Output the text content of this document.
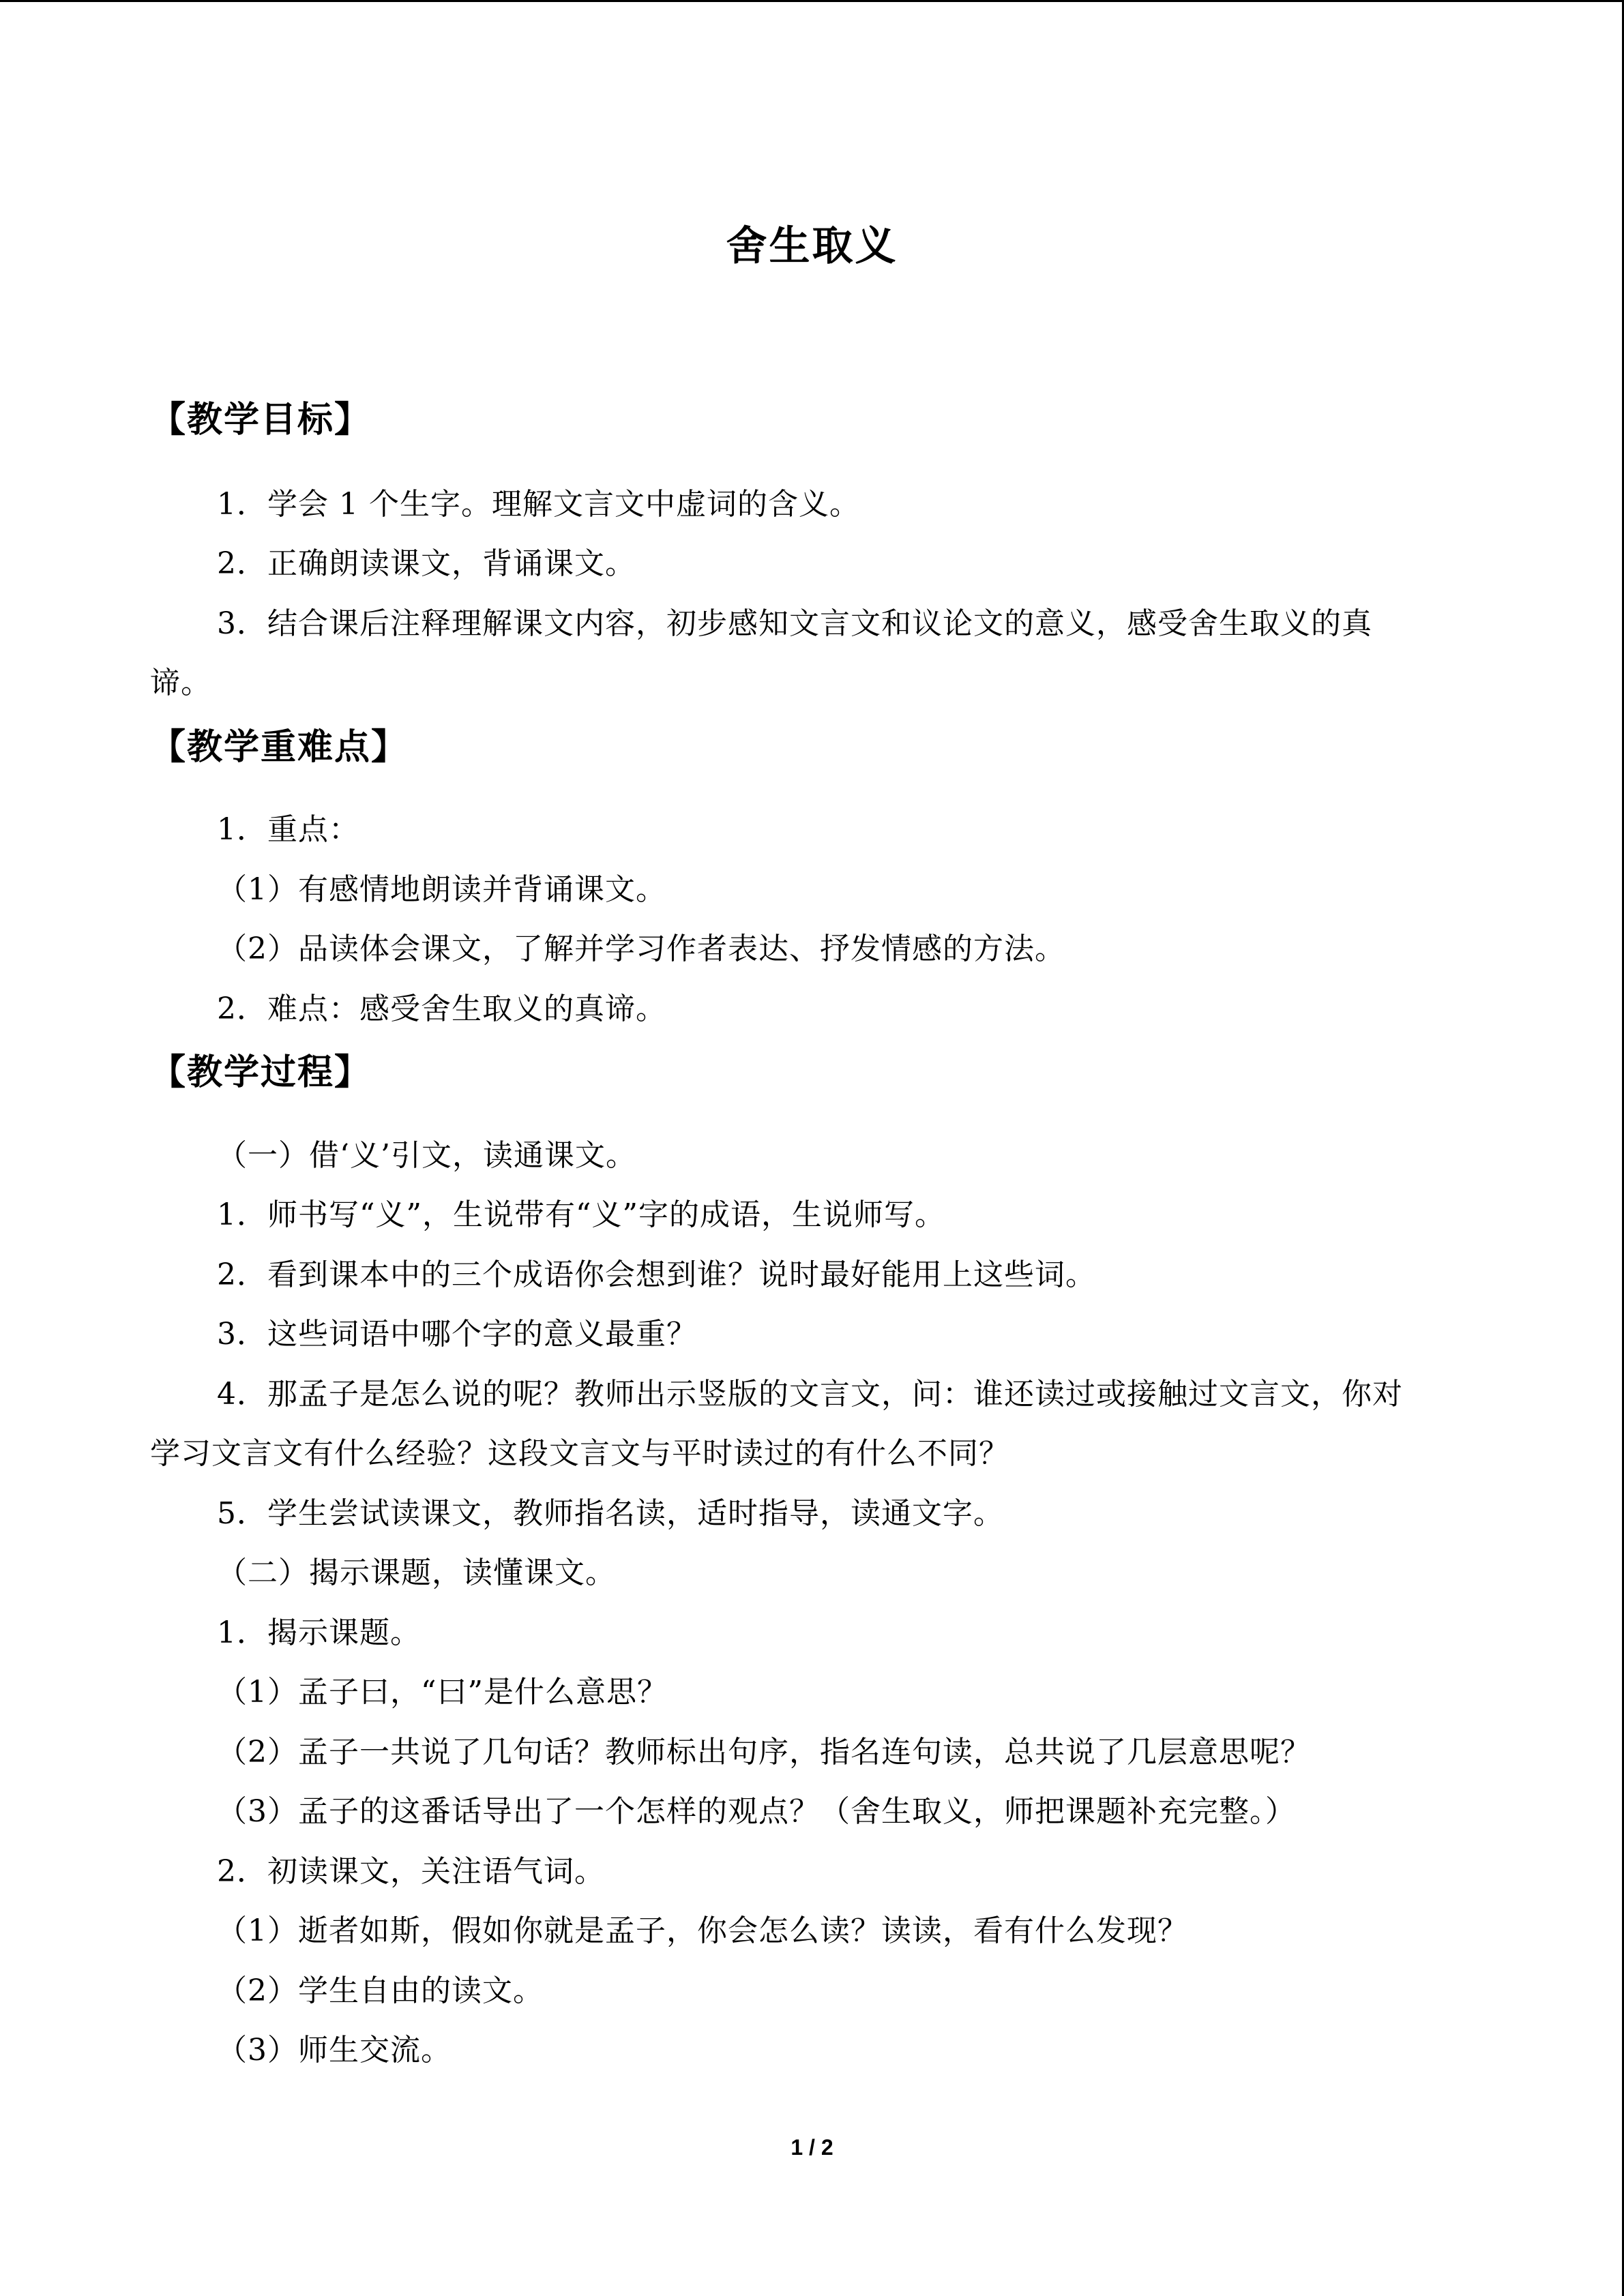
舍生取义
【教学目标】
1．学会 1 个生字。理解文言文中虚词的含义。
2．正确朗读课文，背诵课文。
3．结合课后注释理解课文内容，初步感知文言文和议论文的意义，感受舍生取义的真
谛。
【教学重难点】
1．重点：
（1）有感情地朗读并背诵课文。
（2）品读体会课文，了解并学习作者表达、抒发情感的方法。
2．难点：感受舍生取义的真谛。
【教学过程】
（一）借‘义’引文，读通课文。
1．师书写“义”，生说带有“义”字的成语，生说师写。
2．看到课本中的三个成语你会想到谁？说时最好能用上这些词。
3．这些词语中哪个字的意义最重？
4．那孟子是怎么说的呢？教师出示竖版的文言文，问：谁还读过或接触过文言文，你对
学习文言文有什么经验？这段文言文与平时读过的有什么不同？
5．学生尝试读课文，教师指名读，适时指导，读通文字。
（二）揭示课题，读懂课文。
1．揭示课题。
（1）孟子曰，“曰”是什么意思？
（2）孟子一共说了几句话？教师标出句序，指名连句读，总共说了几层意思呢？
（3）孟子的这番话导出了一个怎样的观点？（舍生取义，师把课题补充完整。）
2．初读课文，关注语气词。
（1）逝者如斯，假如你就是孟子，你会怎么读？读读，看有什么发现？
（2）学生自由的读文。
（3）师生交流。
1 / 2
